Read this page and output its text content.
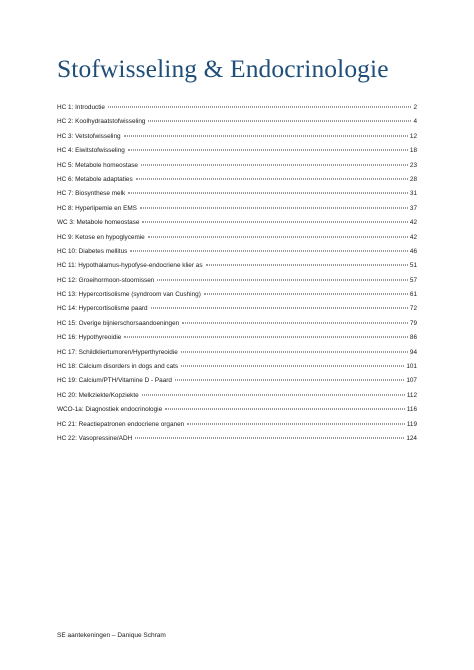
Stofwisseling & Endocrinologie
HC 1: Introductie	2
HC 2: Koolhydraatstofwisseling	4
HC 3: Vetstofwisseling	12
HC 4: Eiwitstofwisseling	18
HC 5: Metabole homeostase	23
HC 6: Metabole adaptaties	28
HC 7: Biosynthese melk	31
HC 8: Hyperlipemie en EMS	37
WC 3: Metabole homeostase	42
HC 9: Ketose en hypoglycemie	42
HC 10: Diabetes mellitus	46
HC 11: Hypothalamus-hypofyse-endocriene klier as	51
HC 12: Groeihormoon-stoornissen	57
HC 13: Hypercortisolisme (syndroom van Cushing)	61
HC 14: Hypercortisolisme paard	72
HC 15: Overige bijnierschorsaandoeningen	79
HC 16: Hypothyreoidie	86
HC 17: Schildkliertumoren/Hyperthyreoidie	94
HC 18: Calcium disorders in dogs and cats	101
HC 19: Calcium/PTH/Vitamine D - Paard	107
HC 20: Melkziekte/Kopziekte	112
WCO-1a: Diagnostiek endocrinologie	116
HC 21: Reactiepatronen endocriene organen	119
HC 22: Vasopressine/ADH	124
SE aantekeningen – Danique Schram
